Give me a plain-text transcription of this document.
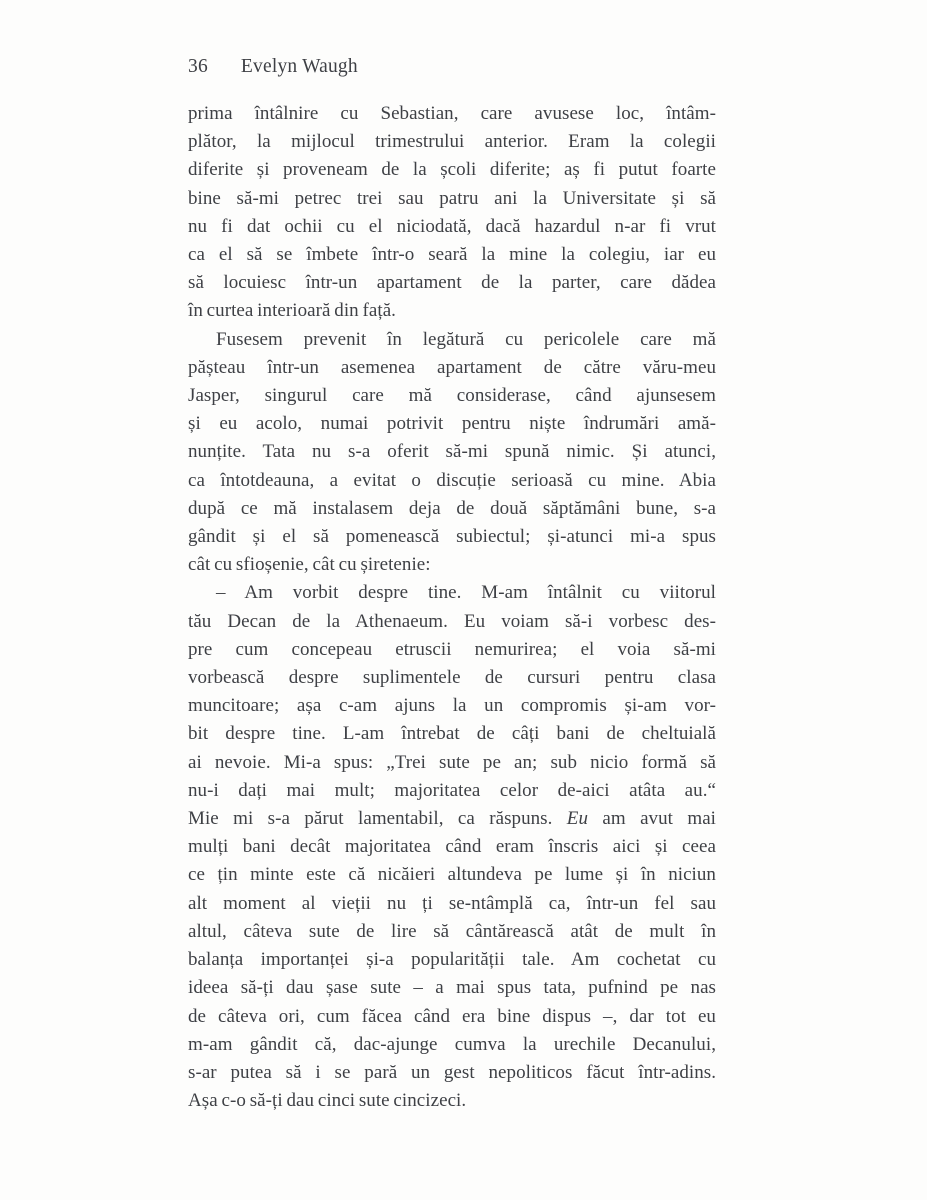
36 Evelyn Waugh
prima întâlnire cu Sebastian, care avusese loc, întâm-
plător, la mijlocul trimestrului anterior. Eram la colegii
diferite și proveneam de la școli diferite; aș fi putut foarte
bine să-mi petrec trei sau patru ani la Universitate și să
nu fi dat ochii cu el niciodată, dacă hazardul n-ar fi vrut
ca el să se îmbete într-o seară la mine la colegiu, iar eu
să locuiesc într-un apartament de la parter, care dădea
în curtea interioară din față.
Fusesem prevenit în legătură cu pericolele care mă
pășteau într-un asemenea apartament de către văru-meu
Jasper, singurul care mă considerase, când ajunsesem
și eu acolo, numai potrivit pentru niște îndrumări amă-
nunțite. Tata nu s-a oferit să-mi spună nimic. Și atunci,
ca întotdeauna, a evitat o discuție serioasă cu mine. Abia
după ce mă instalasem deja de două săptămâni bune, s-a
gândit și el să pomenească subiectul; și-atunci mi-a spus
cât cu sfioșenie, cât cu șiretenie:
– Am vorbit despre tine. M-am întâlnit cu viitorul
tău Decan de la Athenaeum. Eu voiam să-i vorbesc des-
pre cum concepeau etruscii nemurirea; el voia să-mi
vorbească despre suplimentele de cursuri pentru clasa
muncitoare; așa c-am ajuns la un compromis și-am vor-
bit despre tine. L-am întrebat de câți bani de cheltuială
ai nevoie. Mi-a spus: „Trei sute pe an; sub nicio formă să
nu-i dați mai mult; majoritatea celor de-aici atâta au.“
Mie mi s-a părut lamentabil, ca răspuns. Eu am avut mai
mulți bani decât majoritatea când eram înscris aici și ceea
ce țin minte este că nicăieri altundeva pe lume și în niciun
alt moment al vieții nu ți se-ntâmplă ca, într-un fel sau
altul, câteva sute de lire să cântărească atât de mult în
balanța importanței și-a popularității tale. Am cochetat cu
ideea să-ți dau șase sute – a mai spus tata, pufnind pe nas
de câteva ori, cum făcea când era bine dispus –, dar tot eu
m-am gândit că, dac-ajunge cumva la urechile Decanului,
s-ar putea să i se pară un gest nepoliticos făcut într-adins.
Așa c-o să-ți dau cinci sute cincizeci.
